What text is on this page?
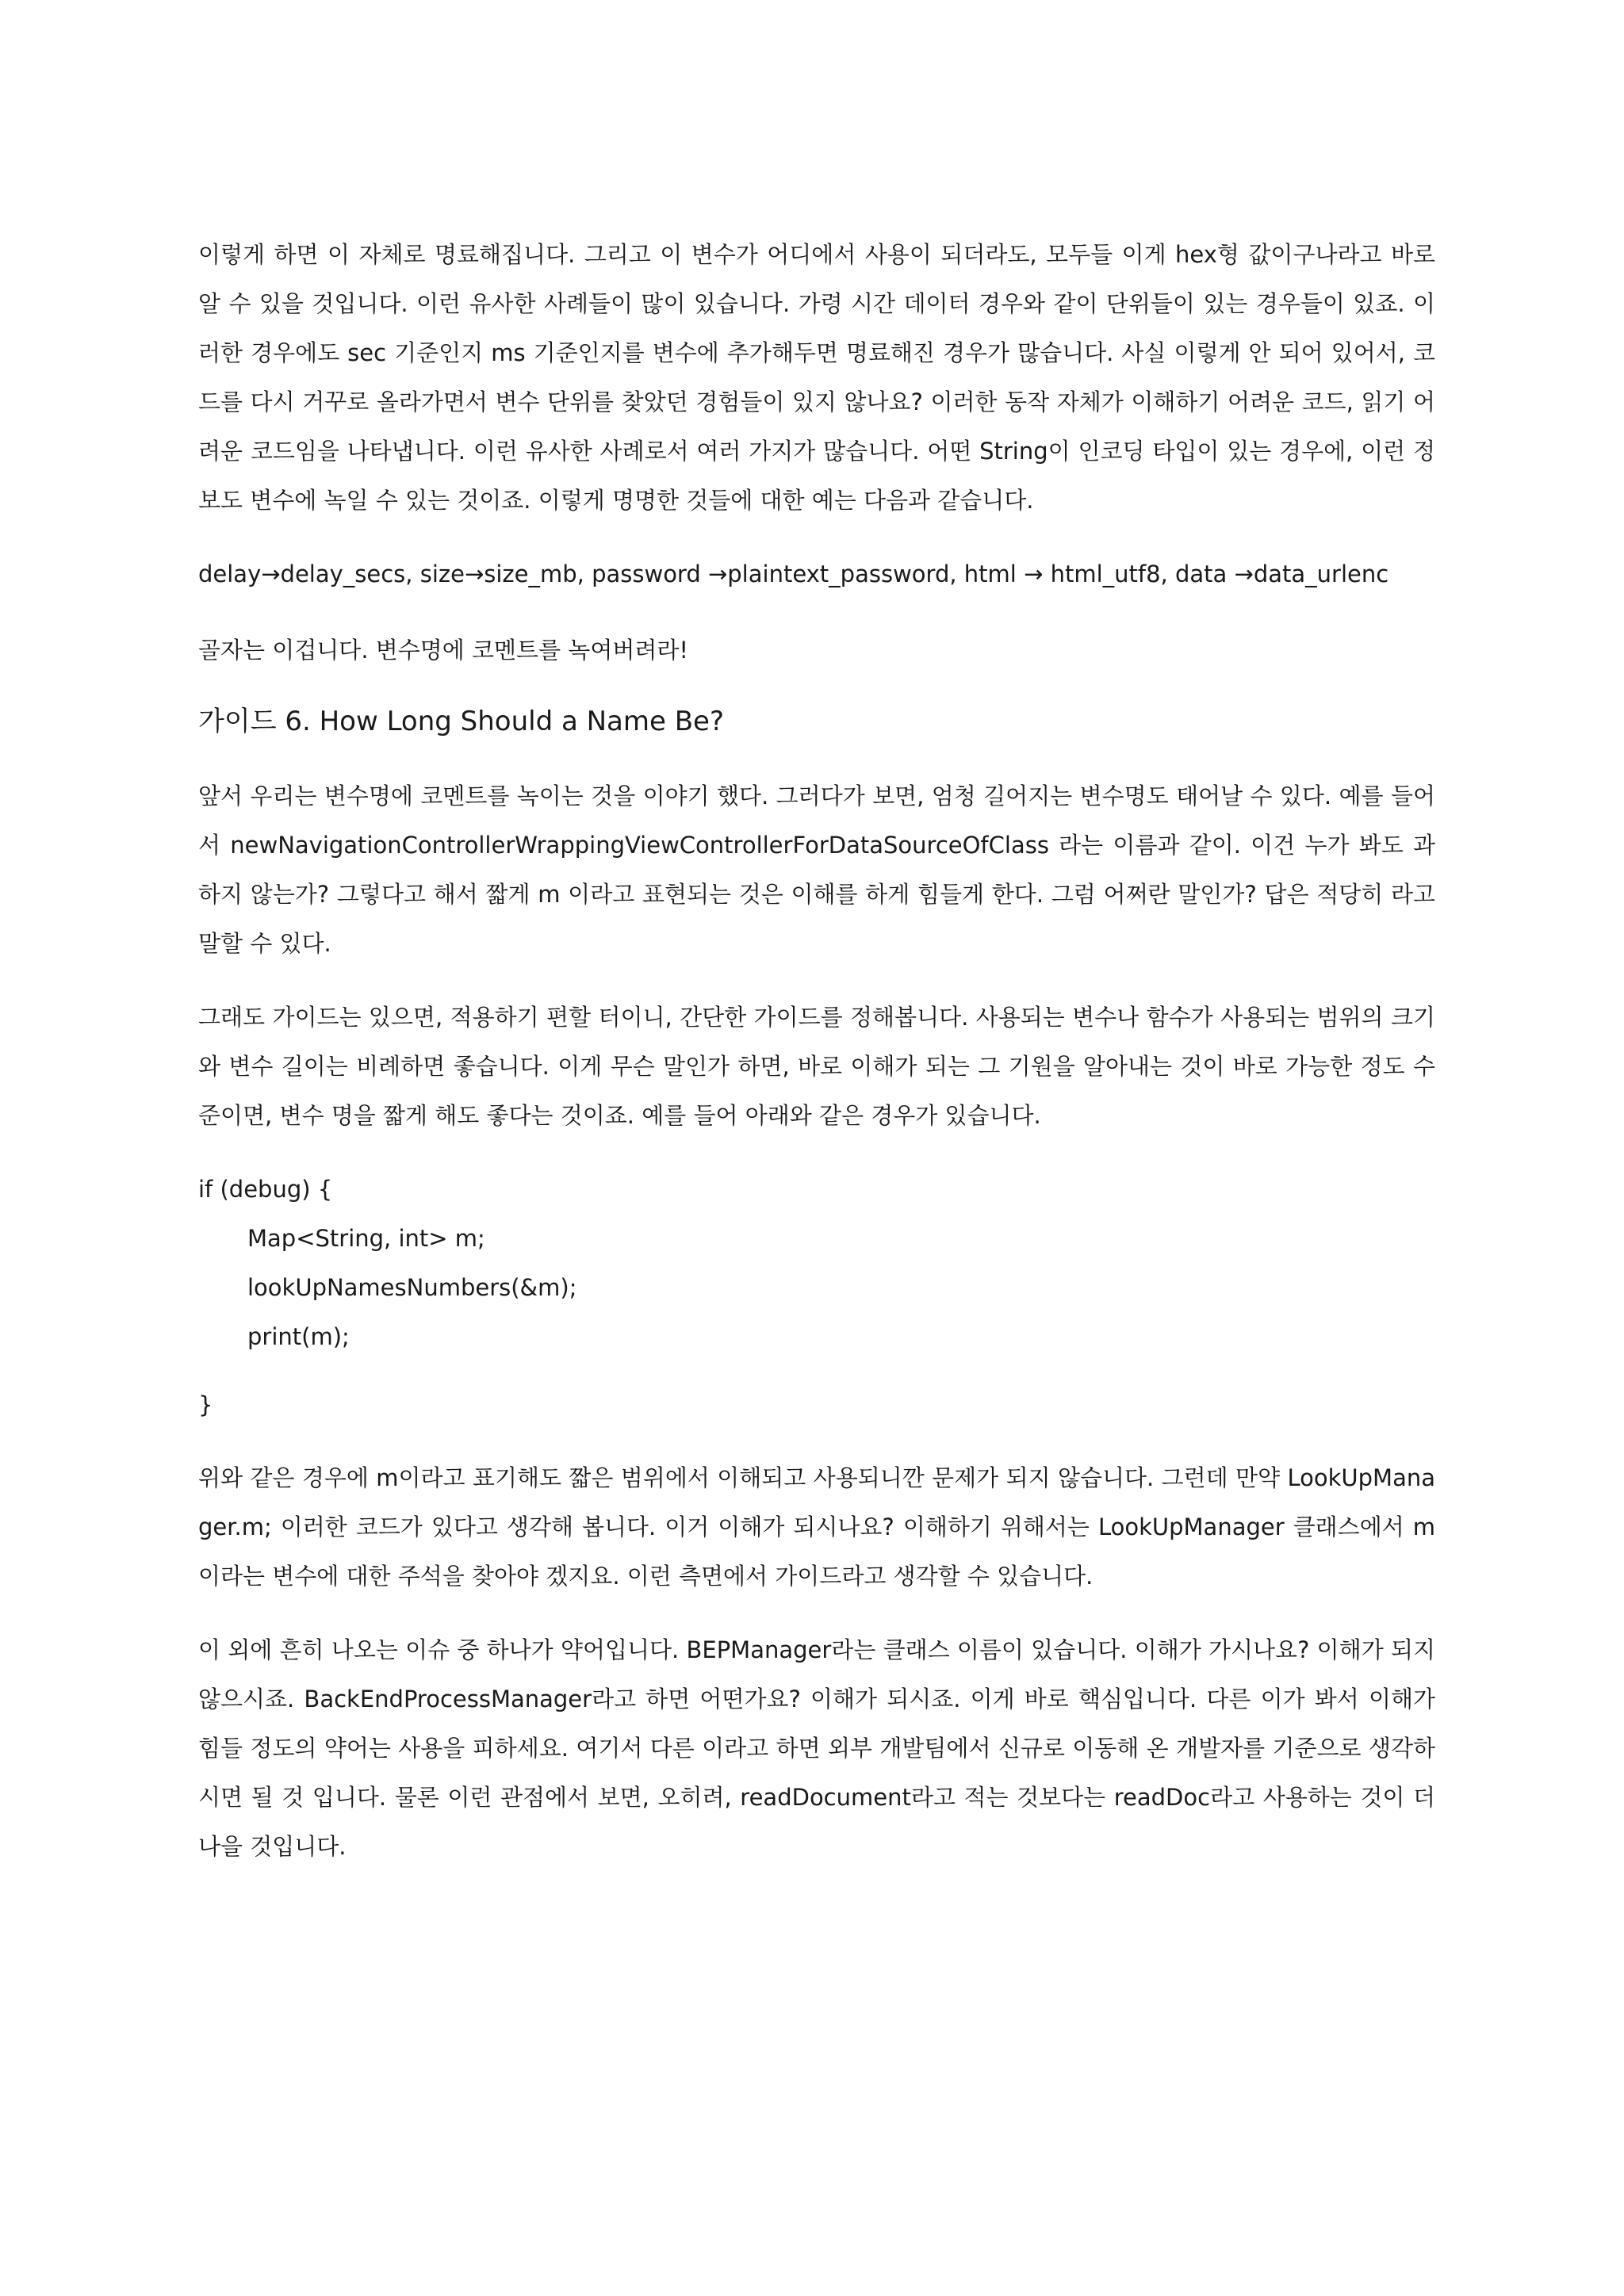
이렇게 하면 이 자체로 명료해집니다. 그리고 이 변수가 어디에서 사용이 되더라도, 모두들 이게 hex형 값이구나라고 바로 알 수 있을 것입니다. 이런 유사한 사례들이 많이 있습니다. 가령 시간 데이터 경우와 같이 단위들이 있는 경우들이 있죠. 이러한 경우에도 sec 기준인지 ms 기준인지를 변수에 추가해두면 명료해진 경우가 많습니다. 사실 이렇게 안 되어 있어서, 코드를 다시 거꾸로 올라가면서 변수 단위를 찾았던 경험들이 있지 않나요? 이러한 동작 자체가 이해하기 어려운 코드, 읽기 어려운 코드임을 나타냅니다. 이런 유사한 사례로서 여러 가지가 많습니다. 어떤 String이 인코딩 타입이 있는 경우에, 이런 정보도 변수에 녹일 수 있는 것이죠. 이렇게 명명한 것들에 대한 예는 다음과 같습니다.

delay→delay_secs, size→size_mb, password →plaintext_password, html → html_utf8, data →data_urlenc

골자는 이겁니다. 변수명에 코멘트를 녹여버려라!

가이드 6. How Long Should a Name Be?

앞서 우리는 변수명에 코멘트를 녹이는 것을 이야기 했다. 그러다가 보면, 엄청 길어지는 변수명도 태어날 수 있다. 예를 들어서 newNavigationControllerWrappingViewControllerForDataSourceOfClass 라는 이름과 같이. 이건 누가 봐도 과하지 않는가? 그렇다고 해서 짧게 m 이라고 표현되는 것은 이해를 하게 힘들게 한다. 그럼 어쩌란 말인가? 답은 적당히 라고 말할 수 있다.

그래도 가이드는 있으면, 적용하기 편할 터이니, 간단한 가이드를 정해봅니다. 사용되는 변수나 함수가 사용되는 범위의 크기와 변수 길이는 비례하면 좋습니다. 이게 무슨 말인가 하면, 바로 이해가 되는 그 기원을 알아내는 것이 바로 가능한 정도 수준이면, 변수 명을 짧게 해도 좋다는 것이죠. 예를 들어 아래와 같은 경우가 있습니다.

if (debug) {
Map<String, int> m;
lookUpNamesNumbers(&m);
print(m);
}

위와 같은 경우에 m이라고 표기해도 짧은 범위에서 이해되고 사용되니깐 문제가 되지 않습니다. 그런데 만약 LookUpManager.m; 이러한 코드가 있다고 생각해 봅니다. 이거 이해가 되시나요? 이해하기 위해서는 LookUpManager 클래스에서 m이라는 변수에 대한 주석을 찾아야 겠지요. 이런 측면에서 가이드라고 생각할 수 있습니다.

이 외에 흔히 나오는 이슈 중 하나가 약어입니다. BEPManager라는 클래스 이름이 있습니다. 이해가 가시나요? 이해가 되지 않으시죠. BackEndProcessManager라고 하면 어떤가요? 이해가 되시죠. 이게 바로 핵심입니다. 다른 이가 봐서 이해가 힘들 정도의 약어는 사용을 피하세요. 여기서 다른 이라고 하면 외부 개발팀에서 신규로 이동해 온 개발자를 기준으로 생각하시면 될 것 입니다. 물론 이런 관점에서 보면, 오히려, readDocument라고 적는 것보다는 readDoc라고 사용하는 것이 더 나을 것입니다.
